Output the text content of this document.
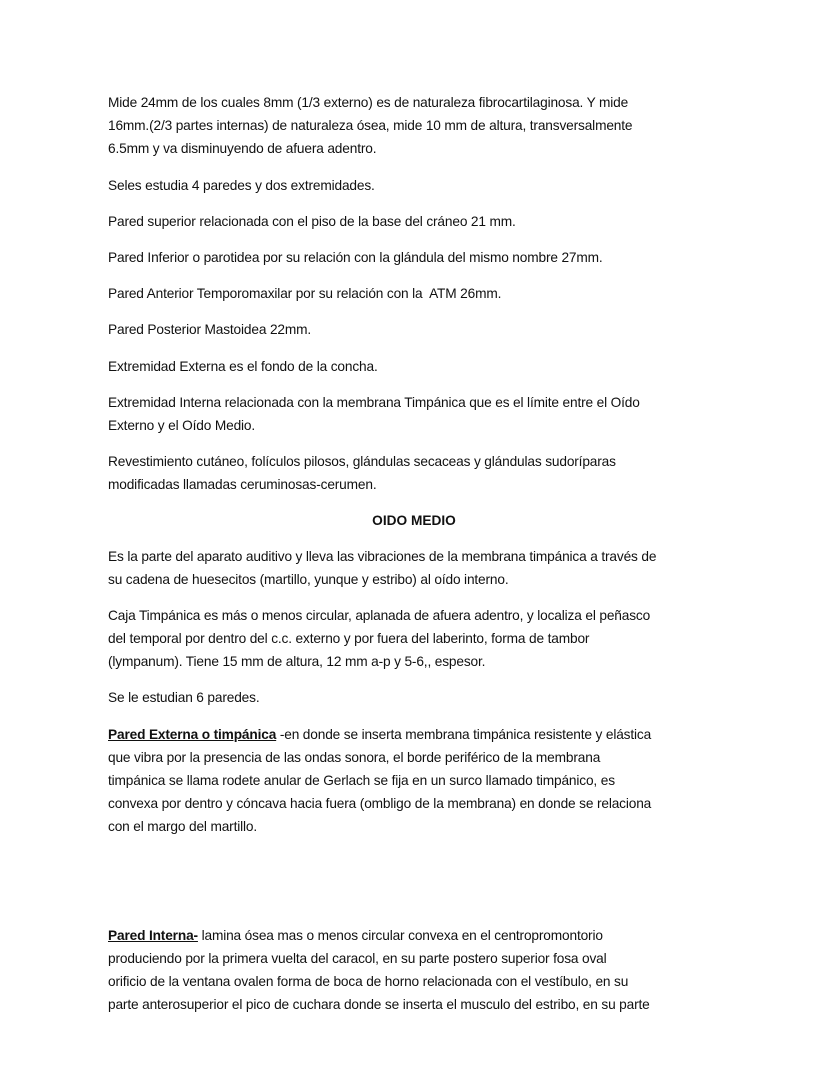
Mide 24mm de los cuales 8mm (1/3 externo) es de naturaleza fibrocartilaginosa. Y mide
16mm.(2/3 partes internas) de naturaleza ósea, mide 10 mm de altura, transversalmente
6.5mm y va disminuyendo de afuera adentro.
Seles estudia 4 paredes y dos extremidades.
Pared superior relacionada con el piso de la base del cráneo 21 mm.
Pared Inferior o parotidea por su relación con la glándula del mismo nombre 27mm.
Pared Anterior Temporomaxilar por su relación con la  ATM 26mm.
Pared Posterior Mastoidea 22mm.
Extremidad Externa es el fondo de la concha.
Extremidad Interna relacionada con la membrana Timpánica que es el límite entre el Oído
Externo y el Oído Medio.
Revestimiento cutáneo, folículos pilosos, glándulas secaceas y glándulas sudoríparas
modificadas llamadas ceruminosas-cerumen.
OIDO MEDIO
Es la parte del aparato auditivo y lleva las vibraciones de la membrana timpánica a través de
su cadena de huesecitos (martillo, yunque y estribo) al oído interno.
Caja Timpánica es más o menos circular, aplanada de afuera adentro, y localiza el peñasco
del temporal por dentro del c.c. externo y por fuera del laberinto, forma de tambor
(lympanum). Tiene 15 mm de altura, 12 mm a-p y 5-6,, espesor.
Se le estudian 6 paredes.
Pared Externa o timpánica -en donde se inserta membrana timpánica resistente y elástica
que vibra por la presencia de las ondas sonora, el borde periférico de la membrana
timpánica se llama rodete anular de Gerlach se fija en un surco llamado timpánico, es
convexa por dentro y cóncava hacia fuera (ombligo de la membrana) en donde se relaciona
con el margo del martillo.
Pared Interna- lamina ósea mas o menos circular convexa en el centropromontorio
produciendo por la primera vuelta del caracol, en su parte postero superior fosa oval
orificio de la ventana ovalen forma de boca de horno relacionada con el vestíbulo, en su
parte anterosuperior el pico de cuchara donde se inserta el musculo del estribo, en su parte
